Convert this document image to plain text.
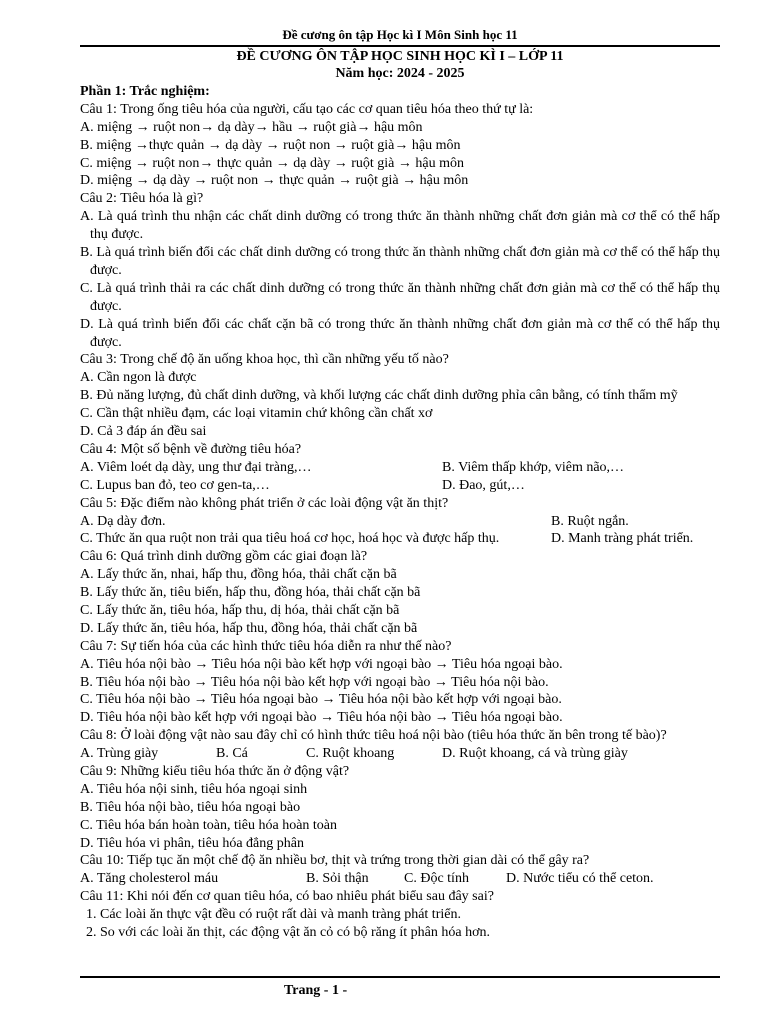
Đề cương ôn tập Học kì I Môn Sinh học 11
ĐỀ CƯƠNG ÔN TẬP HỌC SINH HỌC KÌ I – LỚP 11
Năm học: 2024 - 2025
Phần 1: Trắc nghiệm:
Câu 1: Trong ống tiêu hóa của người, cấu tạo các cơ quan tiêu hóa theo thứ tự là:
A. miệng → ruột non→ dạ dày→ hầu → ruột già→ hậu môn
B. miệng →thực quản → dạ dày → ruột non → ruột già→ hậu môn
C. miệng → ruột non→ thực quản → dạ dày → ruột già → hậu môn
D. miệng → dạ dày → ruột non → thực quản → ruột già → hậu môn
Câu 2: Tiêu hóa là gì?
A. Là quá trình thu nhận các chất dinh dưỡng có trong thức ăn thành những chất đơn giản mà cơ thể có thể hấp thụ được.
B. Là quá trình biến đổi các chất dinh dưỡng có trong thức ăn thành những chất đơn giản mà cơ thể có thể hấp thụ được.
C. Là quá trình thải ra các chất dinh dưỡng có trong thức ăn thành những chất đơn giản mà cơ thể có thể hấp thụ được.
D. Là quá trình biến đổi các chất cặn bã có trong thức ăn thành những chất đơn giản mà cơ thể có thể hấp thụ được.
Câu 3: Trong chế độ ăn uống khoa học, thì cần những yếu tố nào?
A. Cần ngon là được
B. Đủ năng lượng, đủ chất dinh dưỡng, và khối lượng các chất dinh dưỡng phỉa cân bằng, có tính thẩm mỹ
C. Cần thật nhiều đạm, các loại vitamin chứ không cần chất xơ
D. Cả 3 đáp án đều sai
Câu 4: Một số bệnh về đường tiêu hóa?
A. Viêm loét dạ dày, ung thư đại tràng,…	B. Viêm thấp khớp, viêm não,…
C. Lupus ban đỏ, teo cơ gen-ta,…	D. Đao, gút,…
Câu 5: Đặc điểm nào không phát triển ở các loài động vật ăn thịt?
A. Dạ dày đơn.	B. Ruột ngắn.
C. Thức ăn qua ruột non trải qua tiêu hoá cơ học, hoá học và được hấp thụ.	D. Manh tràng phát triển.
Câu 6: Quá trình dinh dưỡng gồm các giai đoạn là?
A. Lấy thức ăn, nhai, hấp thu, đồng hóa, thải chất cặn bã
B. Lấy thức ăn, tiêu biến, hấp thu, đồng hóa, thải chất cặn bã
C. Lấy thức ăn, tiêu hóa, hấp thu, dị hóa, thải chất cặn bã
D. Lấy thức ăn, tiêu hóa, hấp thu, đồng hóa, thải chất cặn bã
Câu 7: Sự tiến hóa của các hình thức tiêu hóa diễn ra như thế nào?
A. Tiêu hóa nội bào → Tiêu hóa nội bào kết hợp với ngoại bào → Tiêu hóa ngoại bào.
B. Tiêu hóa nội bào → Tiêu hóa nội bào kết hợp với ngoại bào → Tiêu hóa nội bào.
C. Tiêu hóa nội bào → Tiêu hóa ngoại bào → Tiêu hóa nội bào kết hợp với ngoại bào.
D. Tiêu hóa nội bào kết hợp với ngoại bào → Tiêu hóa nội bào → Tiêu hóa ngoại bào.
Câu 8: Ở loài động vật nào sau đây chỉ có hình thức tiêu hoá nội bào (tiêu hóa thức ăn bên trong tế bào)?
A. Trùng giày	B. Cá	C. Ruột khoang	D. Ruột khoang, cá và trùng giày
Câu 9: Những kiểu tiêu hóa thức ăn ở động vật?
A. Tiêu hóa nội sinh, tiêu hóa ngoại sinh
B. Tiêu hóa nội bào, tiêu hóa ngoại bào
C. Tiêu hóa bán hoàn toàn, tiêu hóa hoàn toàn
D. Tiêu hóa vi phân, tiêu hóa đẳng phân
Câu 10: Tiếp tục ăn một chế độ ăn nhiều bơ, thịt và trứng trong thời gian dài có thể gây ra?
A. Tăng cholesterol máu	B. Sỏi thận	C. Độc tính	D. Nước tiểu có thể ceton.
Câu 11: Khi nói đến cơ quan tiêu hóa, có bao nhiêu phát biểu sau đây sai?
1. Các loài ăn thực vật đều có ruột rất dài và manh tràng phát triển.
2. So với các loài ăn thịt, các động vật ăn cỏ có bộ răng ít phân hóa hơn.
Trang - 1 -
